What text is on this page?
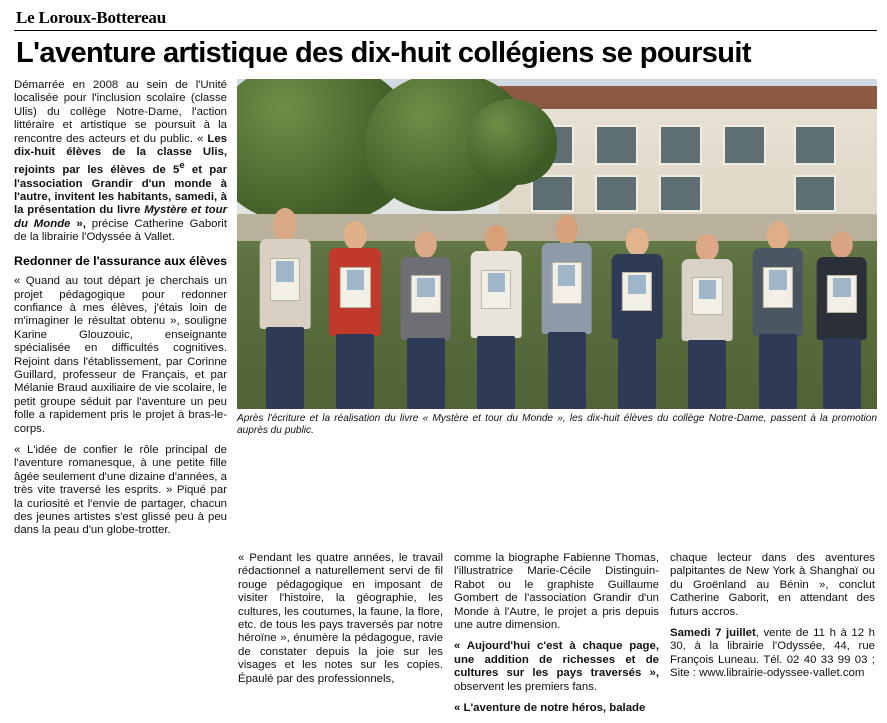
Le Loroux-Bottereau
L'aventure artistique des dix-huit collégiens se poursuit

Démarrée en 2008 au sein de l'Unité localisée pour l'inclusion scolaire (classe Ulis) du collège Notre-Dame, l'action littéraire et artistique se poursuit à la rencontre des acteurs et du public. « Les dix-huit élèves de la classe Ulis, rejoints par les élèves de 5e et par l'association Grandir d'un monde à l'autre, invitent les habitants, samedi, à la présentation du livre Mystère et tour du Monde », précise Catherine Gaborit de la librairie l'Odyssée à Vallet.

Redonner de l'assurance aux élèves

« Quand au tout départ je cherchais un projet pédagogique pour redonner confiance à mes élèves, j'étais loin de m'imaginer le résultat obtenu », souligne Karine Glouzouic, enseignante spécialisée en difficultés cognitives. Rejoint dans l'établissement, par Corinne Guillard, professeur de Français, et par Mélanie Braud auxiliaire de vie scolaire, le petit groupe séduit par l'aventure un peu folle a rapidement pris le projet à bras-le-corps.

« L'idée de confier le rôle principal de l'aventure romanesque, à une petite fille âgée seulement d'une dizaine d'années, a très vite traversé les esprits. » Piqué par la curiosité et l'envie de partager, chacun des jeunes artistes s'est glissé peu à peu dans la peau d'un globe-trotter.

Après l'écriture et la réalisation du livre « Mystère et tour du Monde », les dix-huit élèves du collège Notre-Dame, passent à la promotion auprès du public.

« Pendant les quatre années, le travail rédactionnel a naturellement servi de fil rouge pédagogique en imposant de visiter l'histoire, la géographie, les cultures, les coutumes, la faune, la flore, etc. de tous les pays traversés par notre héroïne », énumère la pédagogue, ravie de constater depuis la joie sur les visages et les notes sur les copies. Épaulé par des professionnels,

comme la biographe Fabienne Thomas, l'illustratrice Marie-Cécile Distinguin-Rabot ou le graphiste Guillaume Gombert de l'association Grandir d'un Monde à l'Autre, le projet a pris depuis une autre dimension.

« Aujourd'hui c'est à chaque page, une addition de richesses et de cultures sur les pays traversés », observent les premiers fans.

« L'aventure de notre héros, balade

chaque lecteur dans des aventures palpitantes de New York à Shanghaï ou du Groënland au Bénin », conclut Catherine Gaborit, en attendant des futurs accros.

Samedi 7 juillet, vente de 11 h à 12 h 30, à la librairie l'Odyssée, 44, rue François Luneau. Tél. 02 40 33 99 03 ; Site : www.librairie-odyssee-vallet.com
